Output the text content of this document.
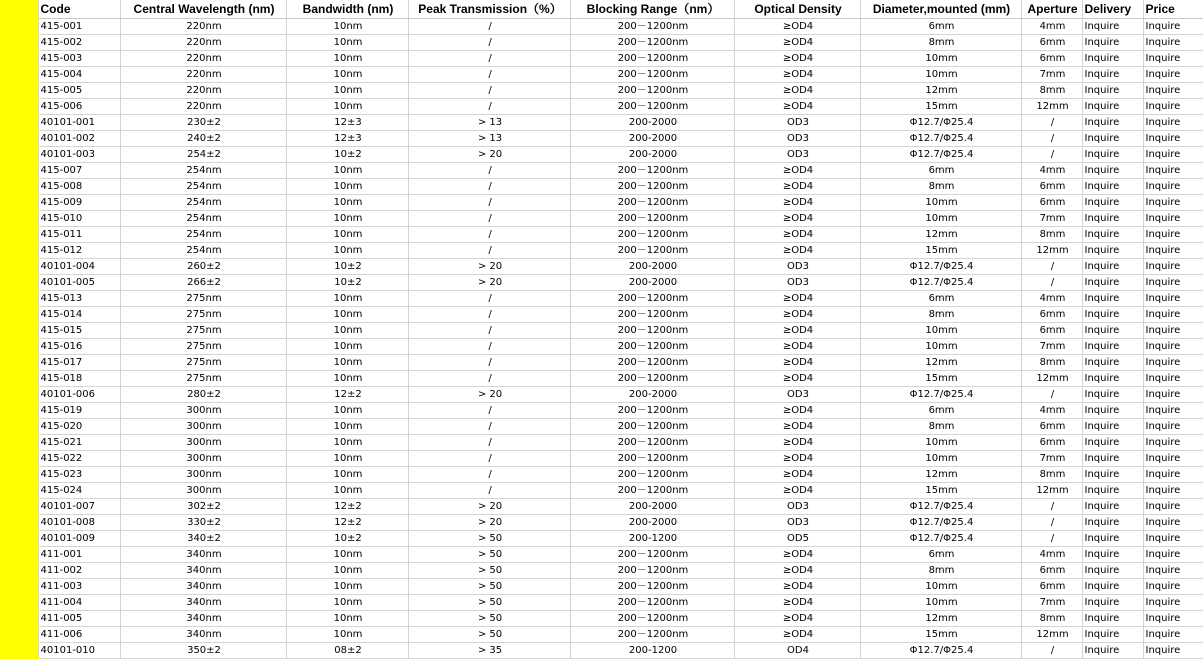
	Code	Central Wavelength (nm)	Bandwidth (nm)	Peak Transmission（%）	Blocking Range（nm）	Optical Density	Diameter,mounted (mm)	Aperture	Delivery	Price
	415-001	220nm	10nm	/	200－1200nm	≥OD4	6mm	4mm	Inquire	Inquire
	415-002	220nm	10nm	/	200－1200nm	≥OD4	8mm	6mm	Inquire	Inquire
	415-003	220nm	10nm	/	200－1200nm	≥OD4	10mm	6mm	Inquire	Inquire
	415-004	220nm	10nm	/	200－1200nm	≥OD4	10mm	7mm	Inquire	Inquire
	415-005	220nm	10nm	/	200－1200nm	≥OD4	12mm	8mm	Inquire	Inquire
	415-006	220nm	10nm	/	200－1200nm	≥OD4	15mm	12mm	Inquire	Inquire
	40101-001	230±2	12±3	> 13	200-2000	OD3	Φ12.7/Φ25.4	/	Inquire	Inquire
	40101-002	240±2	12±3	> 13	200-2000	OD3	Φ12.7/Φ25.4	/	Inquire	Inquire
	40101-003	254±2	10±2	> 20	200-2000	OD3	Φ12.7/Φ25.4	/	Inquire	Inquire
	415-007	254nm	10nm	/	200－1200nm	≥OD4	6mm	4mm	Inquire	Inquire
	415-008	254nm	10nm	/	200－1200nm	≥OD4	8mm	6mm	Inquire	Inquire
	415-009	254nm	10nm	/	200－1200nm	≥OD4	10mm	6mm	Inquire	Inquire
	415-010	254nm	10nm	/	200－1200nm	≥OD4	10mm	7mm	Inquire	Inquire
	415-011	254nm	10nm	/	200－1200nm	≥OD4	12mm	8mm	Inquire	Inquire
	415-012	254nm	10nm	/	200－1200nm	≥OD4	15mm	12mm	Inquire	Inquire
	40101-004	260±2	10±2	> 20	200-2000	OD3	Φ12.7/Φ25.4	/	Inquire	Inquire
	40101-005	266±2	10±2	> 20	200-2000	OD3	Φ12.7/Φ25.4	/	Inquire	Inquire
	415-013	275nm	10nm	/	200－1200nm	≥OD4	6mm	4mm	Inquire	Inquire
	415-014	275nm	10nm	/	200－1200nm	≥OD4	8mm	6mm	Inquire	Inquire
	415-015	275nm	10nm	/	200－1200nm	≥OD4	10mm	6mm	Inquire	Inquire
	415-016	275nm	10nm	/	200－1200nm	≥OD4	10mm	7mm	Inquire	Inquire
	415-017	275nm	10nm	/	200－1200nm	≥OD4	12mm	8mm	Inquire	Inquire
	415-018	275nm	10nm	/	200－1200nm	≥OD4	15mm	12mm	Inquire	Inquire
	40101-006	280±2	12±2	> 20	200-2000	OD3	Φ12.7/Φ25.4	/	Inquire	Inquire
	415-019	300nm	10nm	/	200－1200nm	≥OD4	6mm	4mm	Inquire	Inquire
	415-020	300nm	10nm	/	200－1200nm	≥OD4	8mm	6mm	Inquire	Inquire
	415-021	300nm	10nm	/	200－1200nm	≥OD4	10mm	6mm	Inquire	Inquire
	415-022	300nm	10nm	/	200－1200nm	≥OD4	10mm	7mm	Inquire	Inquire
	415-023	300nm	10nm	/	200－1200nm	≥OD4	12mm	8mm	Inquire	Inquire
	415-024	300nm	10nm	/	200－1200nm	≥OD4	15mm	12mm	Inquire	Inquire
	40101-007	302±2	12±2	> 20	200-2000	OD3	Φ12.7/Φ25.4	/	Inquire	Inquire
	40101-008	330±2	12±2	> 20	200-2000	OD3	Φ12.7/Φ25.4	/	Inquire	Inquire
	40101-009	340±2	10±2	> 50	200-1200	OD5	Φ12.7/Φ25.4	/	Inquire	Inquire
	411-001	340nm	10nm	> 50	200－1200nm	≥OD4	6mm	4mm	Inquire	Inquire
	411-002	340nm	10nm	> 50	200－1200nm	≥OD4	8mm	6mm	Inquire	Inquire
	411-003	340nm	10nm	> 50	200－1200nm	≥OD4	10mm	6mm	Inquire	Inquire
	411-004	340nm	10nm	> 50	200－1200nm	≥OD4	10mm	7mm	Inquire	Inquire
	411-005	340nm	10nm	> 50	200－1200nm	≥OD4	12mm	8mm	Inquire	Inquire
	411-006	340nm	10nm	> 50	200－1200nm	≥OD4	15mm	12mm	Inquire	Inquire
	40101-010	350±2	08±2	> 35	200-1200	OD4	Φ12.7/Φ25.4	/	Inquire	Inquire
